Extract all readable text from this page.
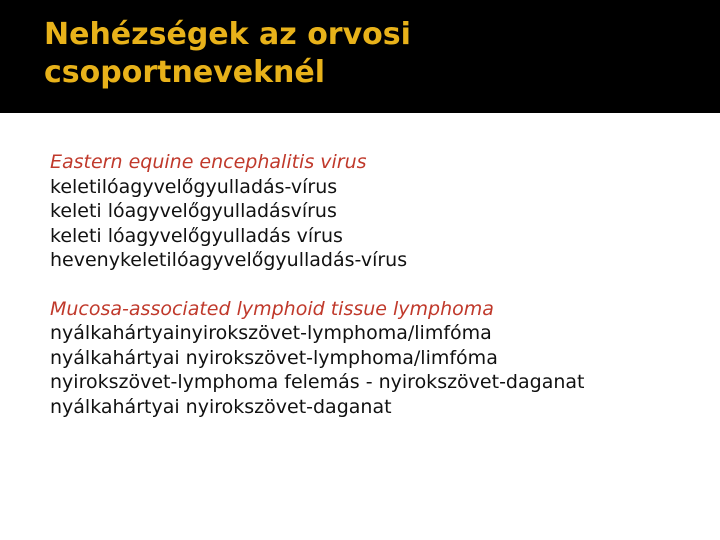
Nehézségek az orvosi
csoportneveknél
Eastern equine encephalitis virus
keletilóagyvelőgyulladás-vírus
keleti lóagyvelőgyulladásvírus
keleti lóagyvelőgyulladás vírus
hevenykeletilóagyvelőgyulladás-vírus
Mucosa-associated lymphoid tissue lymphoma
nyálkahártyainyirokszövet-lymphoma/limfóma
nyálkahártyai nyirokszövet-lymphoma/limfóma
nyirokszövet-lymphoma felemás - nyirokszövet-daganat
nyálkahártyai nyirokszövet-daganat
